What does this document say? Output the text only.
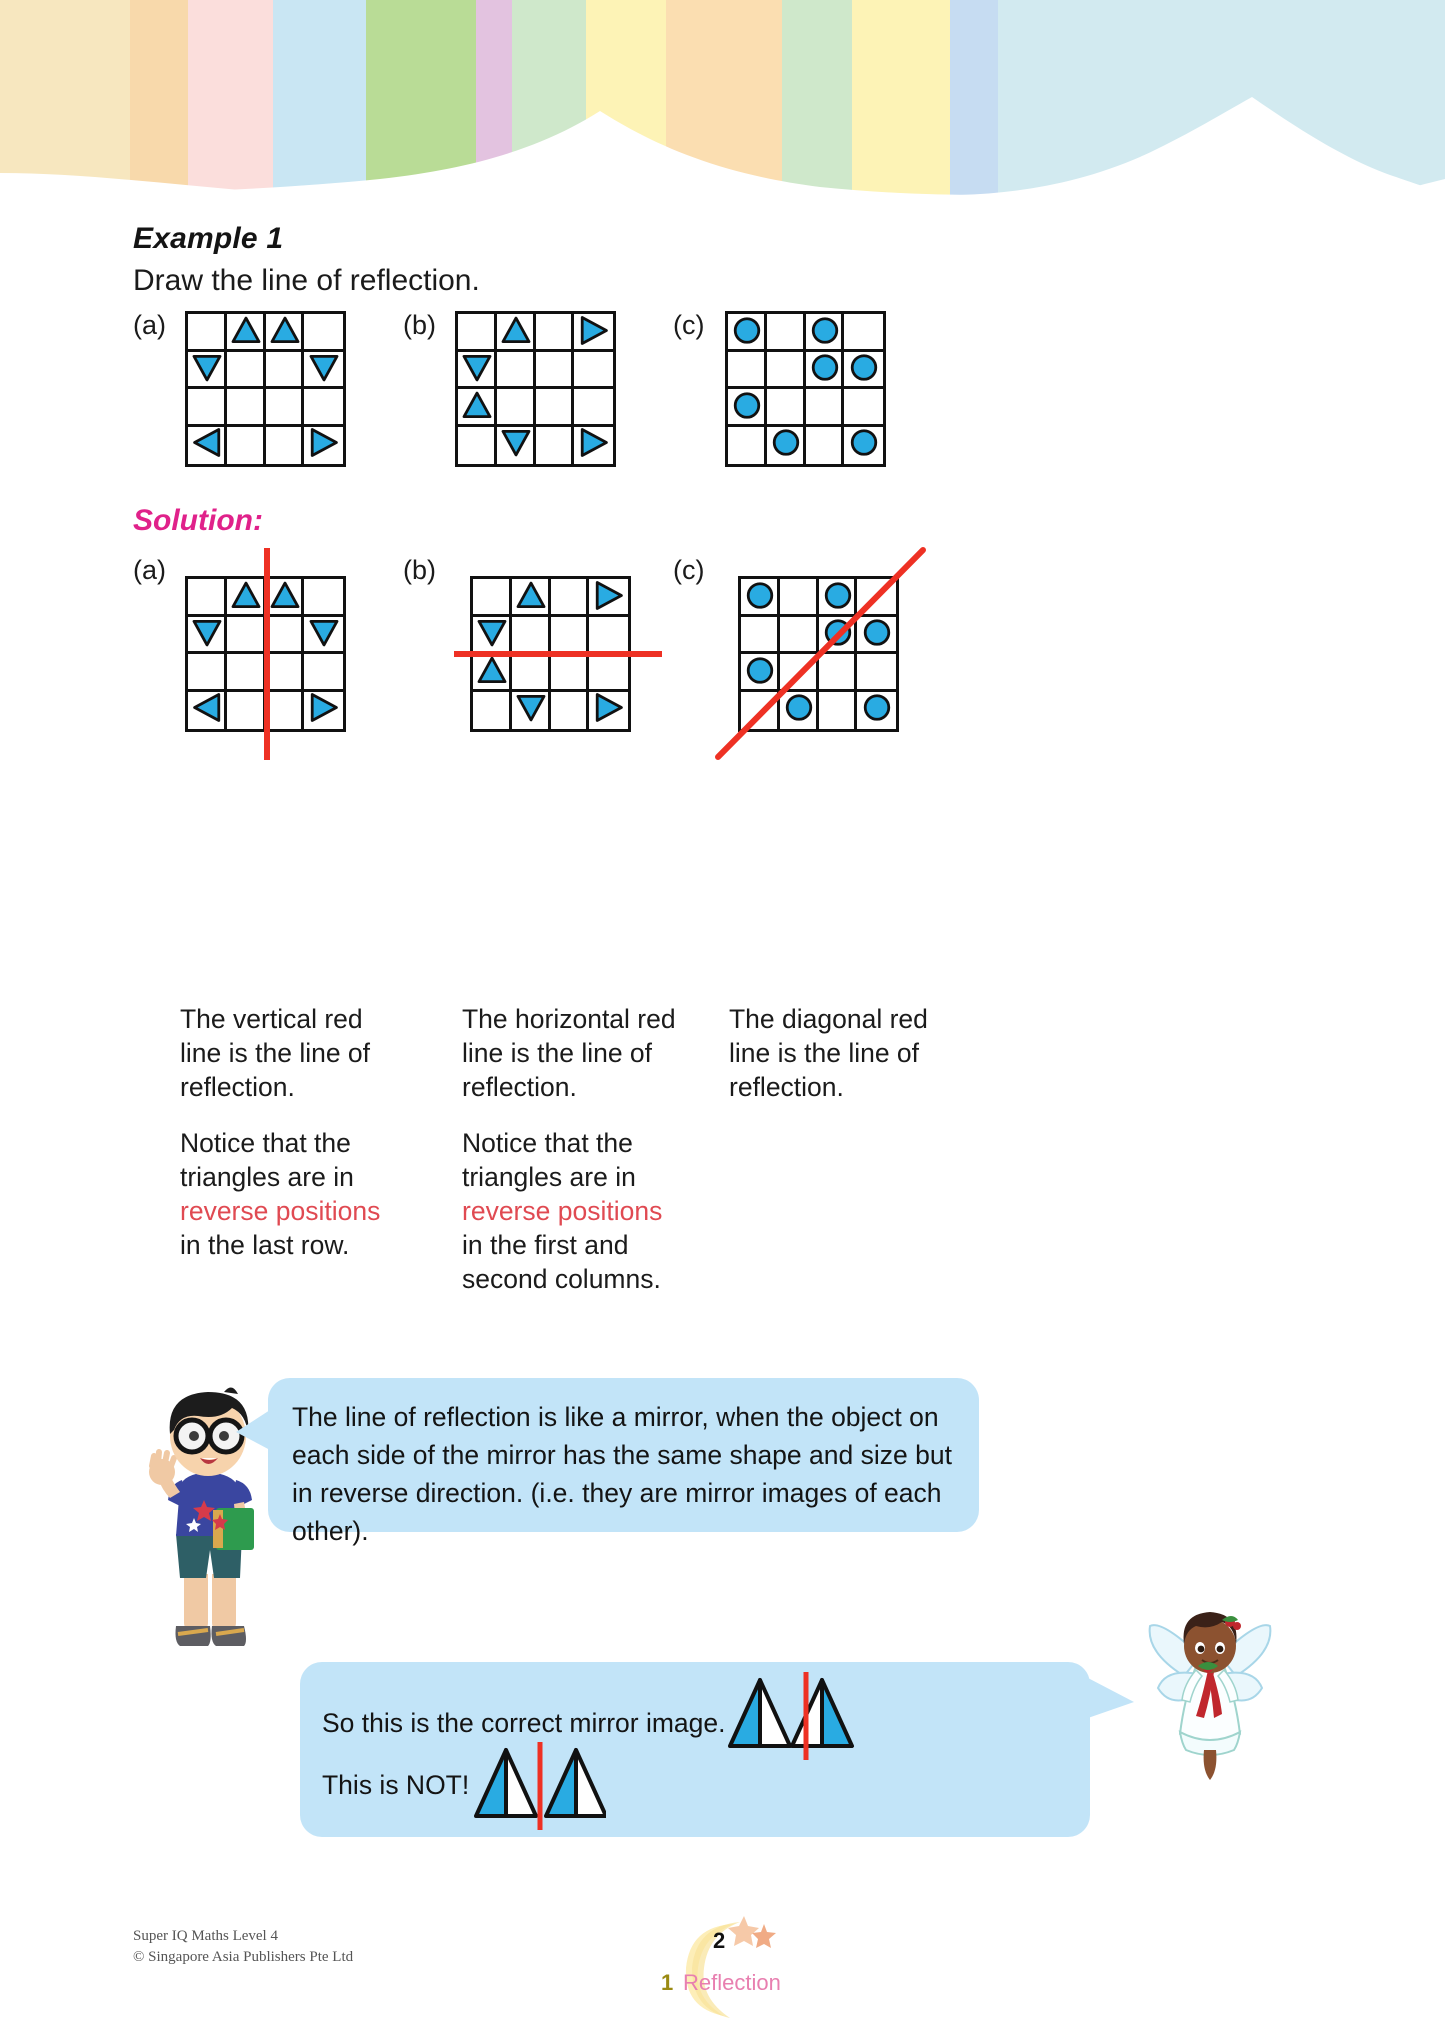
Example 1
Draw the line of reflection.
Solution:
(a)	(b)	(c)
(a)	(b)	(c)

The vertical red line is the line of reflection.

Notice that the triangles are in reverse positions in the last row.

The horizontal red line is the line of reflection.

Notice that the triangles are in reverse positions in the first and second columns.

The diagonal red line is the line of reflection.

The line of reflection is like a mirror, when the object on each side of the mirror has the same shape and size but in reverse direction. (i.e. they are mirror images of each other).
So this is the correct mirror image.
This is NOT!
Super IQ Maths Level 4
© Singapore Asia Publishers Pte Ltd
2
1 Reflection
